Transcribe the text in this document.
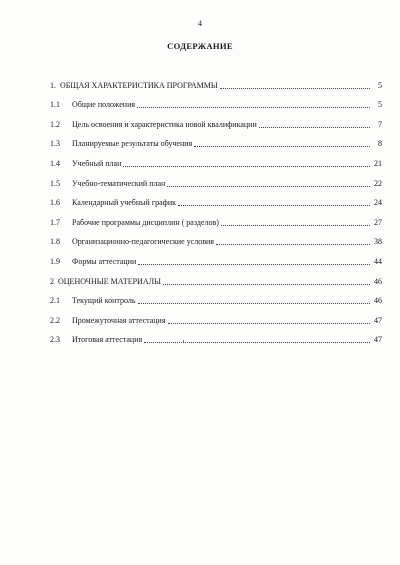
4
СОДЕРЖАНИЕ
1. ОБЩАЯ ХАРАКТЕРИСТИКА ПРОГРАММЫ	5
1.1	Общие положения	5
1.2	Цель освоения и характеристика новой квалификации	7
1.3	Планируемые результаты обучения	8
1.4	Учебный план	21
1.5	Учебно-тематический план	22
1.6	Календарный учебный график	24
1.7	Рабочие программы дисциплин ( разделов)	27
1.8	Организационно-педагогические условия	38
1.9	Формы аттестации	44
2 ОЦЕНОЧНЫЕ МАТЕРИАЛЫ	46
2.1	Текущий контроль	46
2.2	Промежуточная аттестация	47
2.3	Итоговая аттестация	47
